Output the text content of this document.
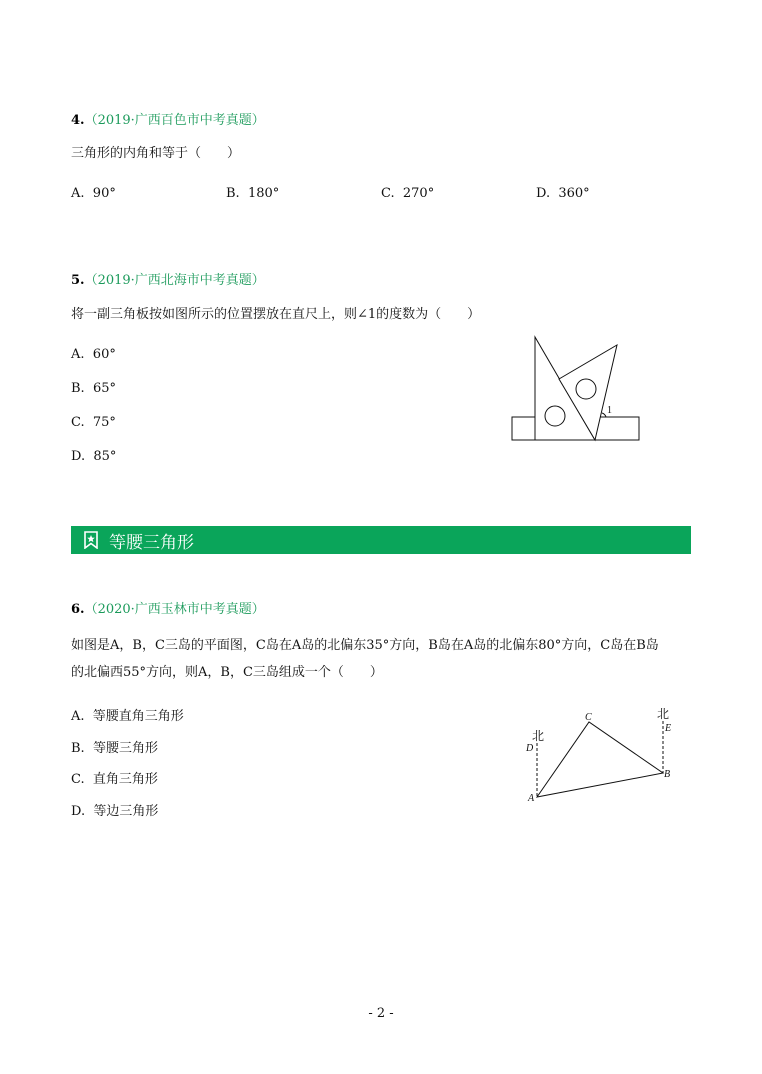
4.（2019·广西百色市中考真题）
三角形的内角和等于（　　）
A. 90°	B. 180°	C. 270°	D. 360°
5.（2019·广西北海市中考真题）
将一副三角板按如图所示的位置摆放在直尺上，则∠1的度数为（　　）
A. 60°
B. 65°
C. 75°
D. 85°
1
等腰三角形
6.（2020·广西玉林市中考真题）
如图是A，B，C三岛的平面图，C岛在A岛的北偏东35°方向，B岛在A岛的北偏东80°方向，C岛在B岛
的北偏西55°方向，则A，B，C三岛组成一个（　　）
A. 等腰直角三角形
B. 等腰三角形
C. 直角三角形
D. 等边三角形
北
北
D
E
C
B
A
- 2 -
